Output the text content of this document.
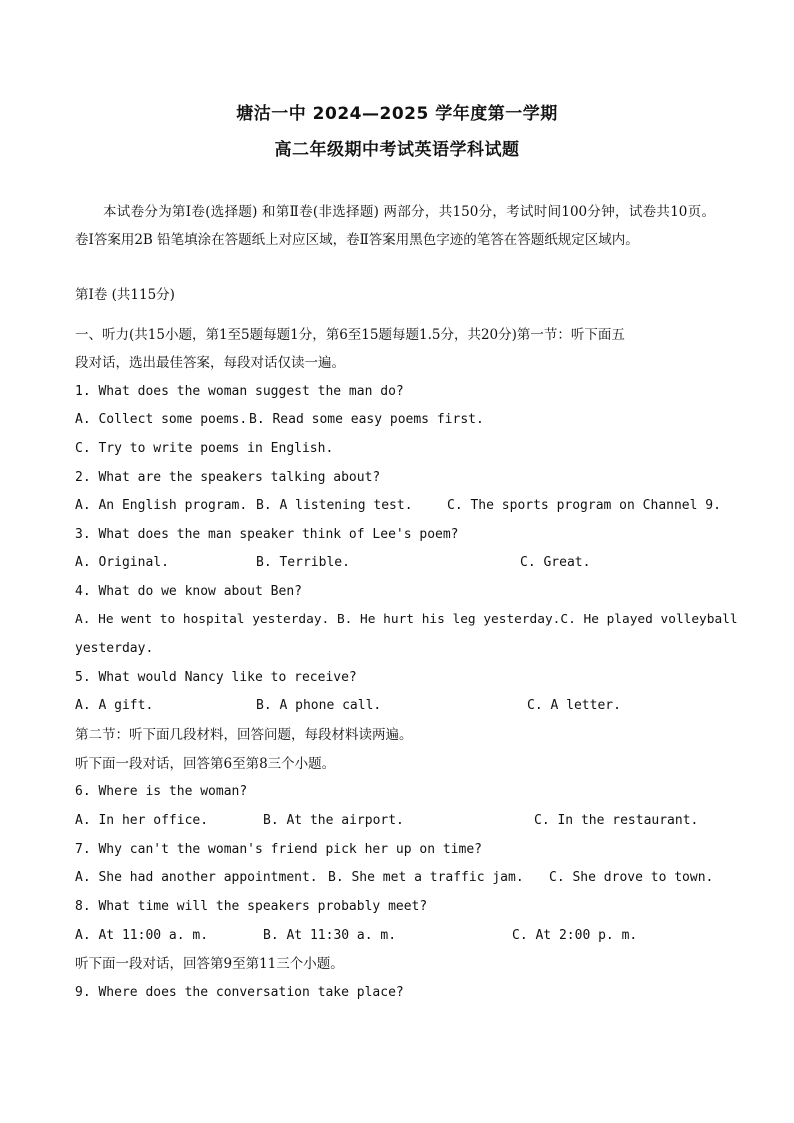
塘沽一中 2024—2025 学年度第一学期
高二年级期中考试英语学科试题
本试卷分为第Ⅰ卷(选择题) 和第Ⅱ卷(非选择题) 两部分，共150分，考试时间100分钟，试卷共10页。卷Ⅰ答案用2B 铅笔填涂在答题纸上对应区域，卷Ⅱ答案用黑色字迹的笔答在答题纸规定区域内。
第Ⅰ卷 (共115分)
一、听力(共15小题，第1至5题每题1分，第6至15题每题1.5分，共20分)第一节：听下面五
段对话，选出最佳答案，每段对话仅读一遍。
1. What does the woman suggest the man do?
A. Collect some poems. B. Read some easy poems first.
C. Try to write poems in English.
2. What are the speakers talking about?
A. An English program. B. A listening test.	C. The sports program on Channel 9.
3. What does the man speaker think of Lee's poem?
A. Original.	B. Terrible.	C. Great.
4. What do we know about Ben?
A. He went to hospital yesterday. B. He hurt his leg yesterday.C. He played volleyball
yesterday.
5. What would Nancy like to receive?
A. A gift.	B. A phone call.	C. A letter.
第二节：听下面几段材料，回答问题，每段材料读两遍。
听下面一段对话，回答第6至第8三个小题。
6. Where is the woman?
A. In her office.	B. At the airport.	C. In the restaurant.
7. Why can't the woman's friend pick her up on time?
A. She had another appointment. B. She met a traffic jam. C. She drove to town.
8. What time will the speakers probably meet?
A. At 11:00 a. m.	B. At 11:30 a. m.	C. At 2:00 p. m.
听下面一段对话，回答第9至第11三个小题。
9. Where does the conversation take place?
